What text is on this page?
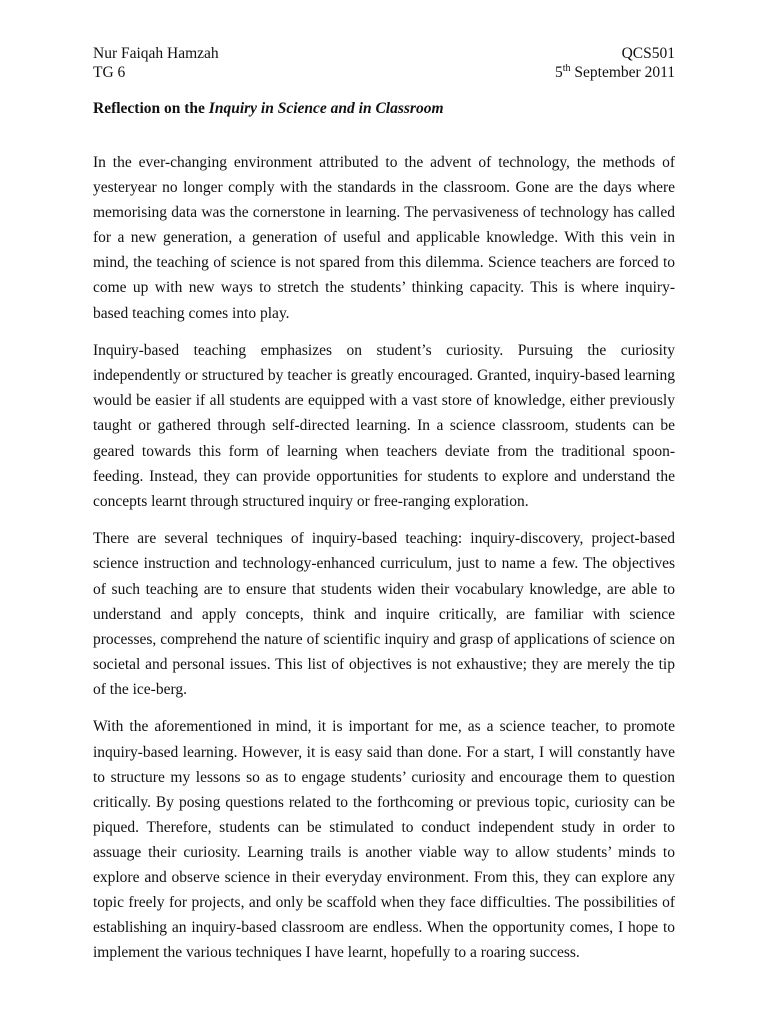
Nur Faiqah Hamzah	QCS501
TG 6	5th September 2011
Reflection on the Inquiry in Science and in Classroom

In the ever-changing environment attributed to the advent of technology, the methods of yesteryear no longer comply with the standards in the classroom. Gone are the days where memorising data was the cornerstone in learning. The pervasiveness of technology has called for a new generation, a generation of useful and applicable knowledge. With this vein in mind, the teaching of science is not spared from this dilemma. Science teachers are forced to come up with new ways to stretch the students’ thinking capacity. This is where inquiry-based teaching comes into play.

Inquiry-based teaching emphasizes on student’s curiosity. Pursuing the curiosity independently or structured by teacher is greatly encouraged. Granted, inquiry-based learning would be easier if all students are equipped with a vast store of knowledge, either previously taught or gathered through self-directed learning. In a science classroom, students can be geared towards this form of learning when teachers deviate from the traditional spoon-feeding. Instead, they can provide opportunities for students to explore and understand the concepts learnt through structured inquiry or free-ranging exploration.

There are several techniques of inquiry-based teaching: inquiry-discovery, project-based science instruction and technology-enhanced curriculum, just to name a few. The objectives of such teaching are to ensure that students widen their vocabulary knowledge, are able to understand and apply concepts, think and inquire critically, are familiar with science processes, comprehend the nature of scientific inquiry and grasp of applications of science on societal and personal issues. This list of objectives is not exhaustive; they are merely the tip of the ice-berg.

With the aforementioned in mind, it is important for me, as a science teacher, to promote inquiry-based learning. However, it is easy said than done. For a start, I will constantly have to structure my lessons so as to engage students’ curiosity and encourage them to question critically. By posing questions related to the forthcoming or previous topic, curiosity can be piqued. Therefore, students can be stimulated to conduct independent study in order to assuage their curiosity. Learning trails is another viable way to allow students’ minds to explore and observe science in their everyday environment. From this, they can explore any topic freely for projects, and only be scaffold when they face difficulties. The possibilities of establishing an inquiry-based classroom are endless. When the opportunity comes, I hope to implement the various techniques I have learnt, hopefully to a roaring success.
